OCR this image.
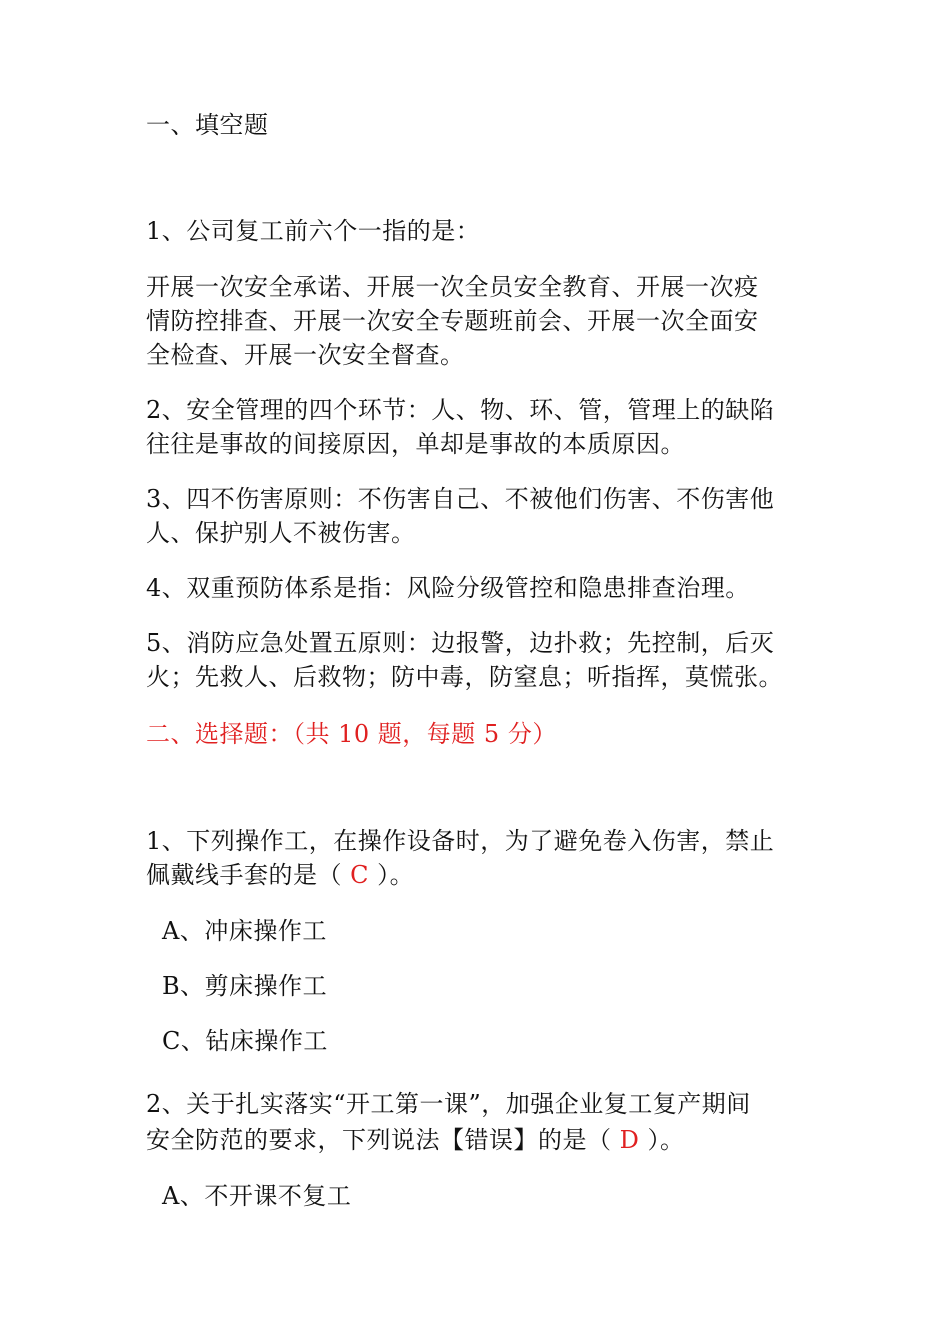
一、填空题
1、公司复工前六个一指的是：
开展一次安全承诺、开展一次全员安全教育、开展一次疫
情防控排查、开展一次安全专题班前会、开展一次全面安
全检查、开展一次安全督查。
2、安全管理的四个环节：人、物、环、管，管理上的缺陷
往往是事故的间接原因，单却是事故的本质原因。
3、四不伤害原则：不伤害自己、不被他们伤害、不伤害他
人、保护别人不被伤害。
4、双重预防体系是指：风险分级管控和隐患排查治理。
5、消防应急处置五原则：边报警，边扑救；先控制，后灭
火；先救人、后救物；防中毒，防窒息；听指挥，莫慌张。
二、选择题：（共 10 题，每题 5 分）
1、下列操作工，在操作设备时，为了避免卷入伤害，禁止
佩戴线手套的是（ C ）。
A、冲床操作工
B、剪床操作工
C、钻床操作工
2、关于扎实落实“开工第一课”，加强企业复工复产期间
安全防范的要求，下列说法【错误】的是（ D ）。
A、不开课不复工
